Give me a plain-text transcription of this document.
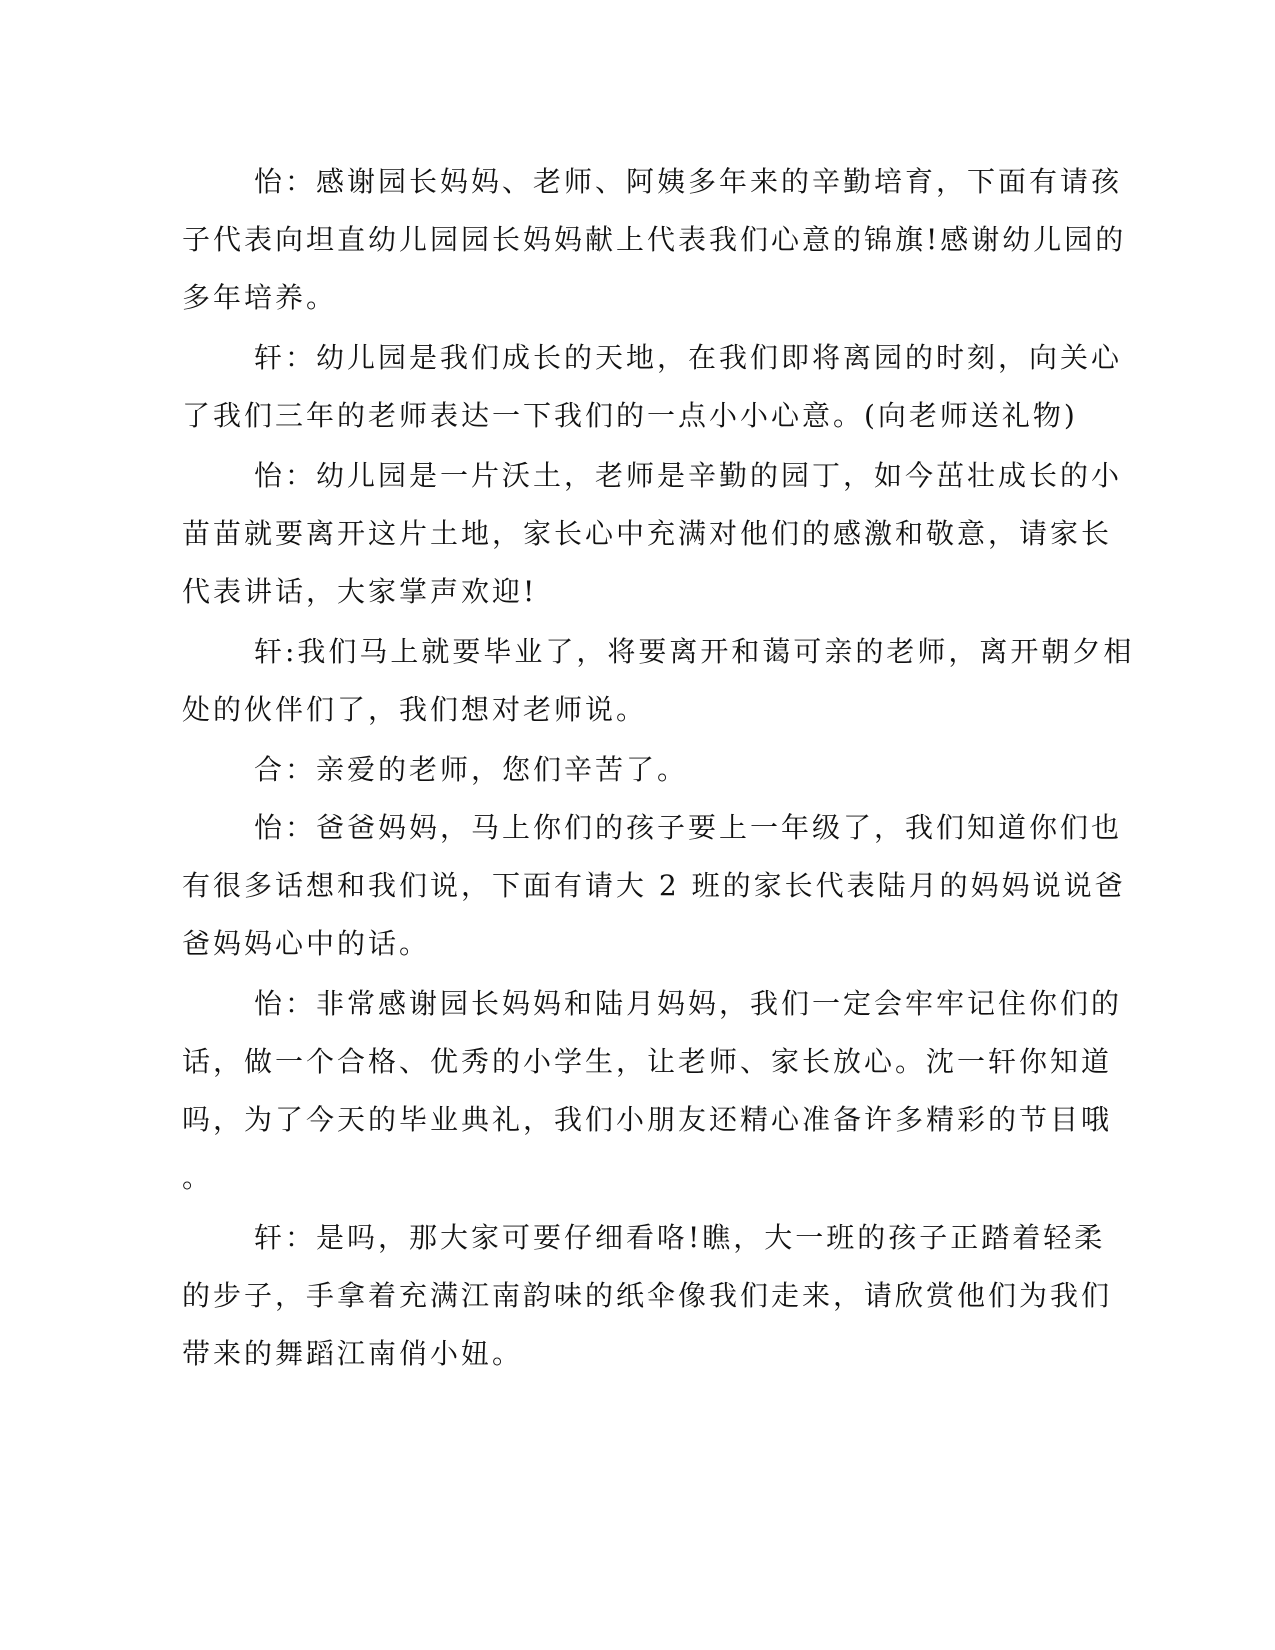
怡：感谢园长妈妈、老师、阿姨多年来的辛勤培育，下面有请孩
子代表向坦直幼儿园园长妈妈献上代表我们心意的锦旗!感谢幼儿园的
多年培养。
轩：幼儿园是我们成长的天地，在我们即将离园的时刻，向关心
了我们三年的老师表达一下我们的一点小小心意。(向老师送礼物)
怡：幼儿园是一片沃土，老师是辛勤的园丁，如今茁壮成长的小
苗苗就要离开这片土地，家长心中充满对他们的感激和敬意，请家长
代表讲话，大家掌声欢迎!
轩:我们马上就要毕业了，将要离开和蔼可亲的老师，离开朝夕相
处的伙伴们了，我们想对老师说。
合：亲爱的老师，您们辛苦了。
怡：爸爸妈妈，马上你们的孩子要上一年级了，我们知道你们也
有很多话想和我们说，下面有请大 2 班的家长代表陆月的妈妈说说爸
爸妈妈心中的话。
怡：非常感谢园长妈妈和陆月妈妈，我们一定会牢牢记住你们的
话，做一个合格、优秀的小学生，让老师、家长放心。沈一轩你知道
吗，为了今天的毕业典礼，我们小朋友还精心准备许多精彩的节目哦
。
轩：是吗，那大家可要仔细看咯!瞧，大一班的孩子正踏着轻柔
的步子，手拿着充满江南韵味的纸伞像我们走来，请欣赏他们为我们
带来的舞蹈江南俏小妞。
